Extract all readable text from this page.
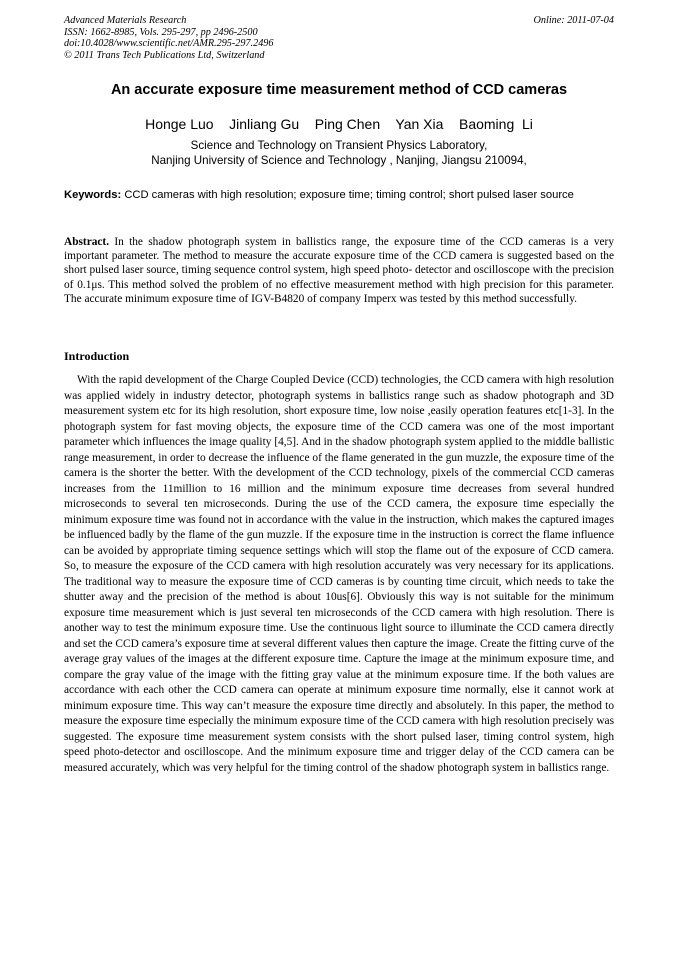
Advanced Materials Research
ISSN: 1662-8985, Vols. 295-297, pp 2496-2500
doi:10.4028/www.scientific.net/AMR.295-297.2496
© 2011 Trans Tech Publications Ltd, Switzerland
Online: 2011-07-04
An accurate exposure time measurement method of CCD cameras
Honge Luo    Jinliang Gu    Ping Chen    Yan Xia    Baoming  Li
Science and Technology on Transient Physics Laboratory,
Nanjing University of Science and Technology , Nanjing, Jiangsu 210094,
Keywords: CCD cameras with high resolution; exposure time; timing control; short pulsed laser source
Abstract. In the shadow photograph system in ballistics range, the exposure time of the CCD cameras is a very important parameter. The method to measure the accurate exposure time of the CCD camera is suggested based on the short pulsed laser source, timing sequence control system, high speed photo- detector and oscilloscope with the precision of 0.1μs. This method solved the problem of no effective measurement method with high precision for this parameter. The accurate minimum exposure time of IGV-B4820 of company Imperx was tested by this method successfully.
Introduction
With the rapid development of the Charge Coupled Device (CCD) technologies, the CCD camera with high resolution was applied widely in industry detector, photograph systems in ballistics range such as shadow photograph and 3D measurement system etc for its high resolution, short exposure time, low noise ,easily operation features etc[1-3]. In the photograph system for fast moving objects, the exposure time of the CCD camera was one of the most important parameter which influences the image quality [4,5]. And in the shadow photograph system applied to the middle ballistic range measurement, in order to decrease the influence of the flame generated in the gun muzzle, the exposure time of the camera is the shorter the better. With the development of the CCD technology, pixels of the commercial CCD cameras increases from the 11million to 16 million and the minimum exposure time decreases from several hundred microseconds to several ten microseconds. During the use of the CCD camera, the exposure time especially the minimum exposure time was found not in accordance with the value in the instruction, which makes the captured images be influenced badly by the flame of the gun muzzle. If the exposure time in the instruction is correct the flame influence can be avoided by appropriate timing sequence settings which will stop the flame out of the exposure of CCD camera. So, to measure the exposure of the CCD camera with high resolution accurately was very necessary for its applications. The traditional way to measure the exposure time of CCD cameras is by counting time circuit, which needs to take the shutter away and the precision of the method is about 10us[6]. Obviously this way is not suitable for the minimum exposure time measurement which is just several ten microseconds of the CCD camera with high resolution. There is another way to test the minimum exposure time. Use the continuous light source to illuminate the CCD camera directly and set the CCD camera’s exposure time at several different values then capture the image. Create the fitting curve of the average gray values of the images at the different exposure time. Capture the image at the minimum exposure time, and compare the gray value of the image with the fitting gray value at the minimum exposure time. If the both values are accordance with each other the CCD camera can operate at minimum exposure time normally, else it cannot work at minimum exposure time. This way can’t measure the exposure time directly and absolutely. In this paper, the method to measure the exposure time especially the minimum exposure time of the CCD camera with high resolution precisely was suggested. The exposure time measurement system consists with the short pulsed laser, timing control system, high speed photo-detector and oscilloscope. And the minimum exposure time and trigger delay of the CCD camera can be measured accurately, which was very helpful for the timing control of the shadow photograph system in ballistics range.
